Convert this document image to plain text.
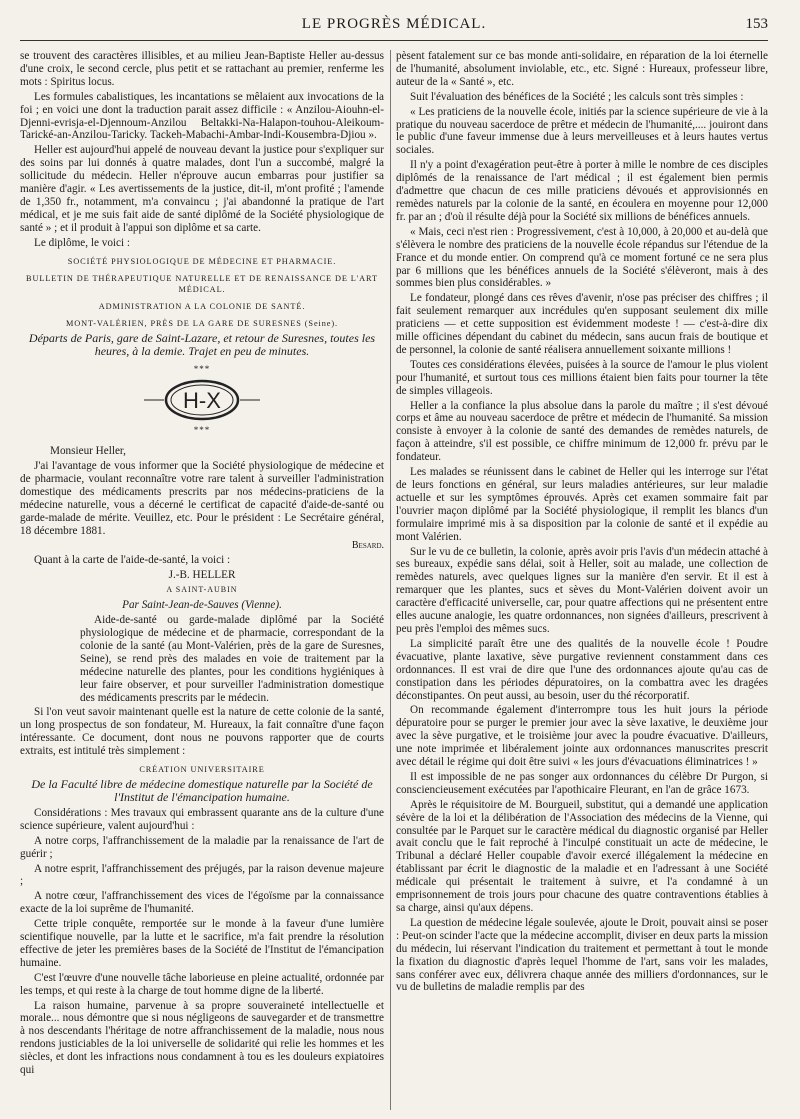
LE PROGRÈS MÉDICAL.	153

se trouvent des caractères illisibles, et au milieu Jean-Baptiste Heller au-dessus d'une croix, le second cercle, plus petit et se rattachant au premier, renferme les mots : Spiritus locus.

Les formules cabalistiques, les incantations se mêlaient aux invocations de la foi ; en voici une dont la traduction parait assez difficile : « Anzilou-Aiouhn-el-Djenni-evrisja-el-Djennoum-Anzilou Beltakki-Na-Halapon-touhou-Aleikoum-Tarické-an-Anzilou-Taricky. Tackeh-Mabachi-Ambar-Indi-Kousembra-Djiou ».

Heller est aujourd'hui appelé de nouveau devant la justice pour s'expliquer sur des soins par lui donnés à quatre malades, dont l'un a succombé, malgré la sollicitude du médecin. Heller n'éprouve aucun embarras pour justifier sa manière d'agir. « Les avertissements de la justice, dit-il, m'ont profité ; l'amende de 1,350 fr., notamment, m'a convaincu ; j'ai abandonné la pratique de l'art médical, et je me suis fait aide de santé diplômé de la Société physiologique de santé » ; et il produit à l'appui son diplôme et sa carte.

Le diplôme, le voici :

SOCIÉTÉ PHYSIOLOGIQUE DE MÉDECINE ET PHARMACIE.

BULLETIN DE THÉRAPEUTIQUE NATURELLE ET DE RENAISSANCE DE L'ART MÉDICAL.

ADMINISTRATION A LA COLONIE DE SANTÉ.

MONT-VALÉRIEN, PRÈS DE LA GARE DE SURESNES (Seine).

Départs de Paris, gare de Saint-Lazare, et retour de Suresnes, toutes les heures, à la demie. Trajet en peu de minutes.

***
H-X
***

Monsieur Heller,

J'ai l'avantage de vous informer que la Société physiologique de médecine et de pharmacie, voulant reconnaître votre rare talent à surveiller l'administration domestique des médicaments prescrits par nos médecins-praticiens de la médecine naturelle, vous a décerné le certificat de capacité d'aide-de-santé ou garde-malade de mérite. Veuillez, etc. Pour le président : Le Secrétaire général, 18 décembre 1881.

Besard.

Quant à la carte de l'aide-de-santé, la voici :

J.-B. HELLER

A SAINT-AUBIN

Par Saint-Jean-de-Sauves (Vienne).

Aide-de-santé ou garde-malade diplômé par la Société physiologique de médecine et de pharmacie, correspondant de la colonie de la santé (au Mont-Valérien, près de la gare de Suresnes, Seine), se rend près des malades en voie de traitement par la médecine naturelle des plantes, pour les conditions hygiéniques à leur faire observer, et pour surveiller l'administration domestique des médicaments prescrits par le médecin.

Si l'on veut savoir maintenant quelle est la nature de cette colonie de la santé, un long prospectus de son fondateur, M. Hureaux, la fait connaître d'une façon intéressante. Ce document, dont nous ne pouvons rapporter que de courts extraits, est intitulé très simplement :

CRÉATION UNIVERSITAIRE

De la Faculté libre de médecine domestique naturelle par la Société de l'Institut de l'émancipation humaine.

Considérations : Mes travaux qui embrassent quarante ans de la culture d'une science supérieure, valent aujourd'hui :

A notre corps, l'affranchissement de la maladie par la renaissance de l'art de guérir ;

A notre esprit, l'affranchissement des préjugés, par la raison devenue majeure ;

A notre cœur, l'affranchissement des vices de l'égoïsme par la connaissance exacte de la loi suprême de l'humanité.

Cette triple conquête, remportée sur le monde à la faveur d'une lumière scientifique nouvelle, par la lutte et le sacrifice, m'a fait prendre la résolution effective de jeter les premières bases de la Société de l'Institut de l'émancipation humaine.

C'est l'œuvre d'une nouvelle tâche laborieuse en pleine actualité, ordonnée par les temps, et qui reste à la charge de tout homme digne de la liberté.

La raison humaine, parvenue à sa propre souveraineté intellectuelle et morale... nous démontre que si nous négligeons de sauvegarder et de transmettre à nos descendants l'héritage de notre affranchissement de la maladie, nous nous rendons justiciables de la loi universelle de solidarité qui relie les hommes et les siècles, et dont les infractions nous condamnent à tou es les douleurs expiatoires qui

pèsent fatalement sur ce bas monde anti-solidaire, en réparation de la loi éternelle de l'humanité, absolument inviolable, etc., etc. Signé : Hureaux, professeur libre, auteur de la « Santé », etc.

Suit l'évaluation des bénéfices de la Société ; les calculs sont très simples :

« Les praticiens de la nouvelle école, initiés par la science supérieure de vie à la pratique du nouveau sacerdoce de prêtre et médecin de l'humanité,.... jouiront dans le public d'une faveur immense due à leurs merveilleuses et à leurs hautes vertus sociales.

Il n'y a point d'exagération peut-être à porter à mille le nombre de ces disciples diplômés de la renaissance de l'art médical ; il est également bien permis d'admettre que chacun de ces mille praticiens dévoués et approvisionnés en remèdes naturels par la colonie de la santé, en écoulera en moyenne pour 12,000 fr. par an ; d'où il résulte déjà pour la Société six millions de bénéfices annuels.

« Mais, ceci n'est rien : Progressivement, c'est à 10,000, à 20,000 et au-delà que s'élèvera le nombre des praticiens de la nouvelle école répandus sur l'étendue de la France et du monde entier. On comprend qu'à ce moment fortuné ce ne sera plus par 6 millions que les bénéfices annuels de la Société s'élèveront, mais à des sommes bien plus considérables. »

Le fondateur, plongé dans ces rêves d'avenir, n'ose pas préciser des chiffres ; il fait seulement remarquer aux incrédules qu'en supposant seulement dix mille praticiens — et cette supposition est évidemment modeste ! — c'est-à-dire dix mille officines dépendant du cabinet du médecin, sans aucun frais de boutique et de personnel, la colonie de santé réalisera annuellement soixante millions !

Toutes ces considérations élevées, puisées à la source de l'amour le plus violent pour l'humanité, et surtout tous ces millions étaient bien faits pour tourner la tête de simples villageois.

Heller a la confiance la plus absolue dans la parole du maître ; il s'est dévoué corps et âme au nouveau sacerdoce de prêtre et médecin de l'humanité. Sa mission consiste à envoyer à la colonie de santé des demandes de remèdes naturels, de façon à atteindre, s'il est possible, ce chiffre minimum de 12,000 fr. prévu par le fondateur.

Les malades se réunissent dans le cabinet de Heller qui les interroge sur l'état de leurs fonctions en général, sur leurs maladies antérieures, sur leur maladie actuelle et sur les symptômes éprouvés. Après cet examen sommaire fait par l'ouvrier maçon diplômé par la Société physiologique, il remplit les blancs d'un formulaire imprimé mis à sa disposition par la colonie de santé et il expédie au mont Valérien.

Sur le vu de ce bulletin, la colonie, après avoir pris l'avis d'un médecin attaché à ses bureaux, expédie sans délai, soit à Heller, soit au malade, une collection de remèdes naturels, avec quelques lignes sur la manière d'en servir. Et il est à remarquer que les plantes, sucs et sèves du Mont-Valérien doivent avoir un caractère d'efficacité universelle, car, pour quatre affections qui ne présentent entre elles aucune analogie, les quatre ordonnances, non signées d'ailleurs, prescrivent à peu près l'emploi des mêmes sucs.

La simplicité paraît être une des qualités de la nouvelle école ! Poudre évacuative, plante laxative, sève purgative reviennent constamment dans ces ordonnances. Il est vrai de dire que l'une des ordonnances ajoute qu'au cas de constipation dans les périodes dépuratoires, on la combattra avec les dragées déconstipantes. On peut aussi, au besoin, user du thé récorporatif.

On recommande également d'interrompre tous les huit jours la période dépuratoire pour se purger le premier jour avec la sève laxative, le deuxième jour avec la sève purgative, et le troisième jour avec la poudre évacuative. D'ailleurs, une note imprimée et libéralement jointe aux ordonnances manuscrites prescrit avec détail le régime qui doit être suivi « les jours d'évacuations éliminatrices ! »

Il est impossible de ne pas songer aux ordonnances du célèbre Dr Purgon, si consciencieusement exécutées par l'apothicaire Fleurant, en l'an de grâce 1673.

Après le réquisitoire de M. Bourgueil, substitut, qui a demandé une application sévère de la loi et la délibération de l'Association des médecins de la Vienne, qui consultée par le Parquet sur le caractère médical du diagnostic organisé par Heller avait conclu que le fait reproché à l'inculpé constituait un acte de médecine, le Tribunal a déclaré Heller coupable d'avoir exercé illégalement la médecine en établissant par écrit le diagnostic de la maladie et en l'adressant à une Société médicale qui présentait le traitement à suivre, et l'a condamné à un emprisonnement de trois jours pour chacune des quatre contraventions établies à sa charge, ainsi qu'aux dépens.

La question de médecine légale soulevée, ajoute le Droit, pouvait ainsi se poser : Peut-on scinder l'acte que la médecine accomplit, diviser en deux parts la mission du médecin, lui réservant l'indication du traitement et permettant à tout le monde la fixation du diagnostic d'après lequel l'homme de l'art, sans voir les malades, sans conférer avec eux, délivrera chaque année des milliers d'ordonnances, sur le vu de bulletins de maladie remplis par des
